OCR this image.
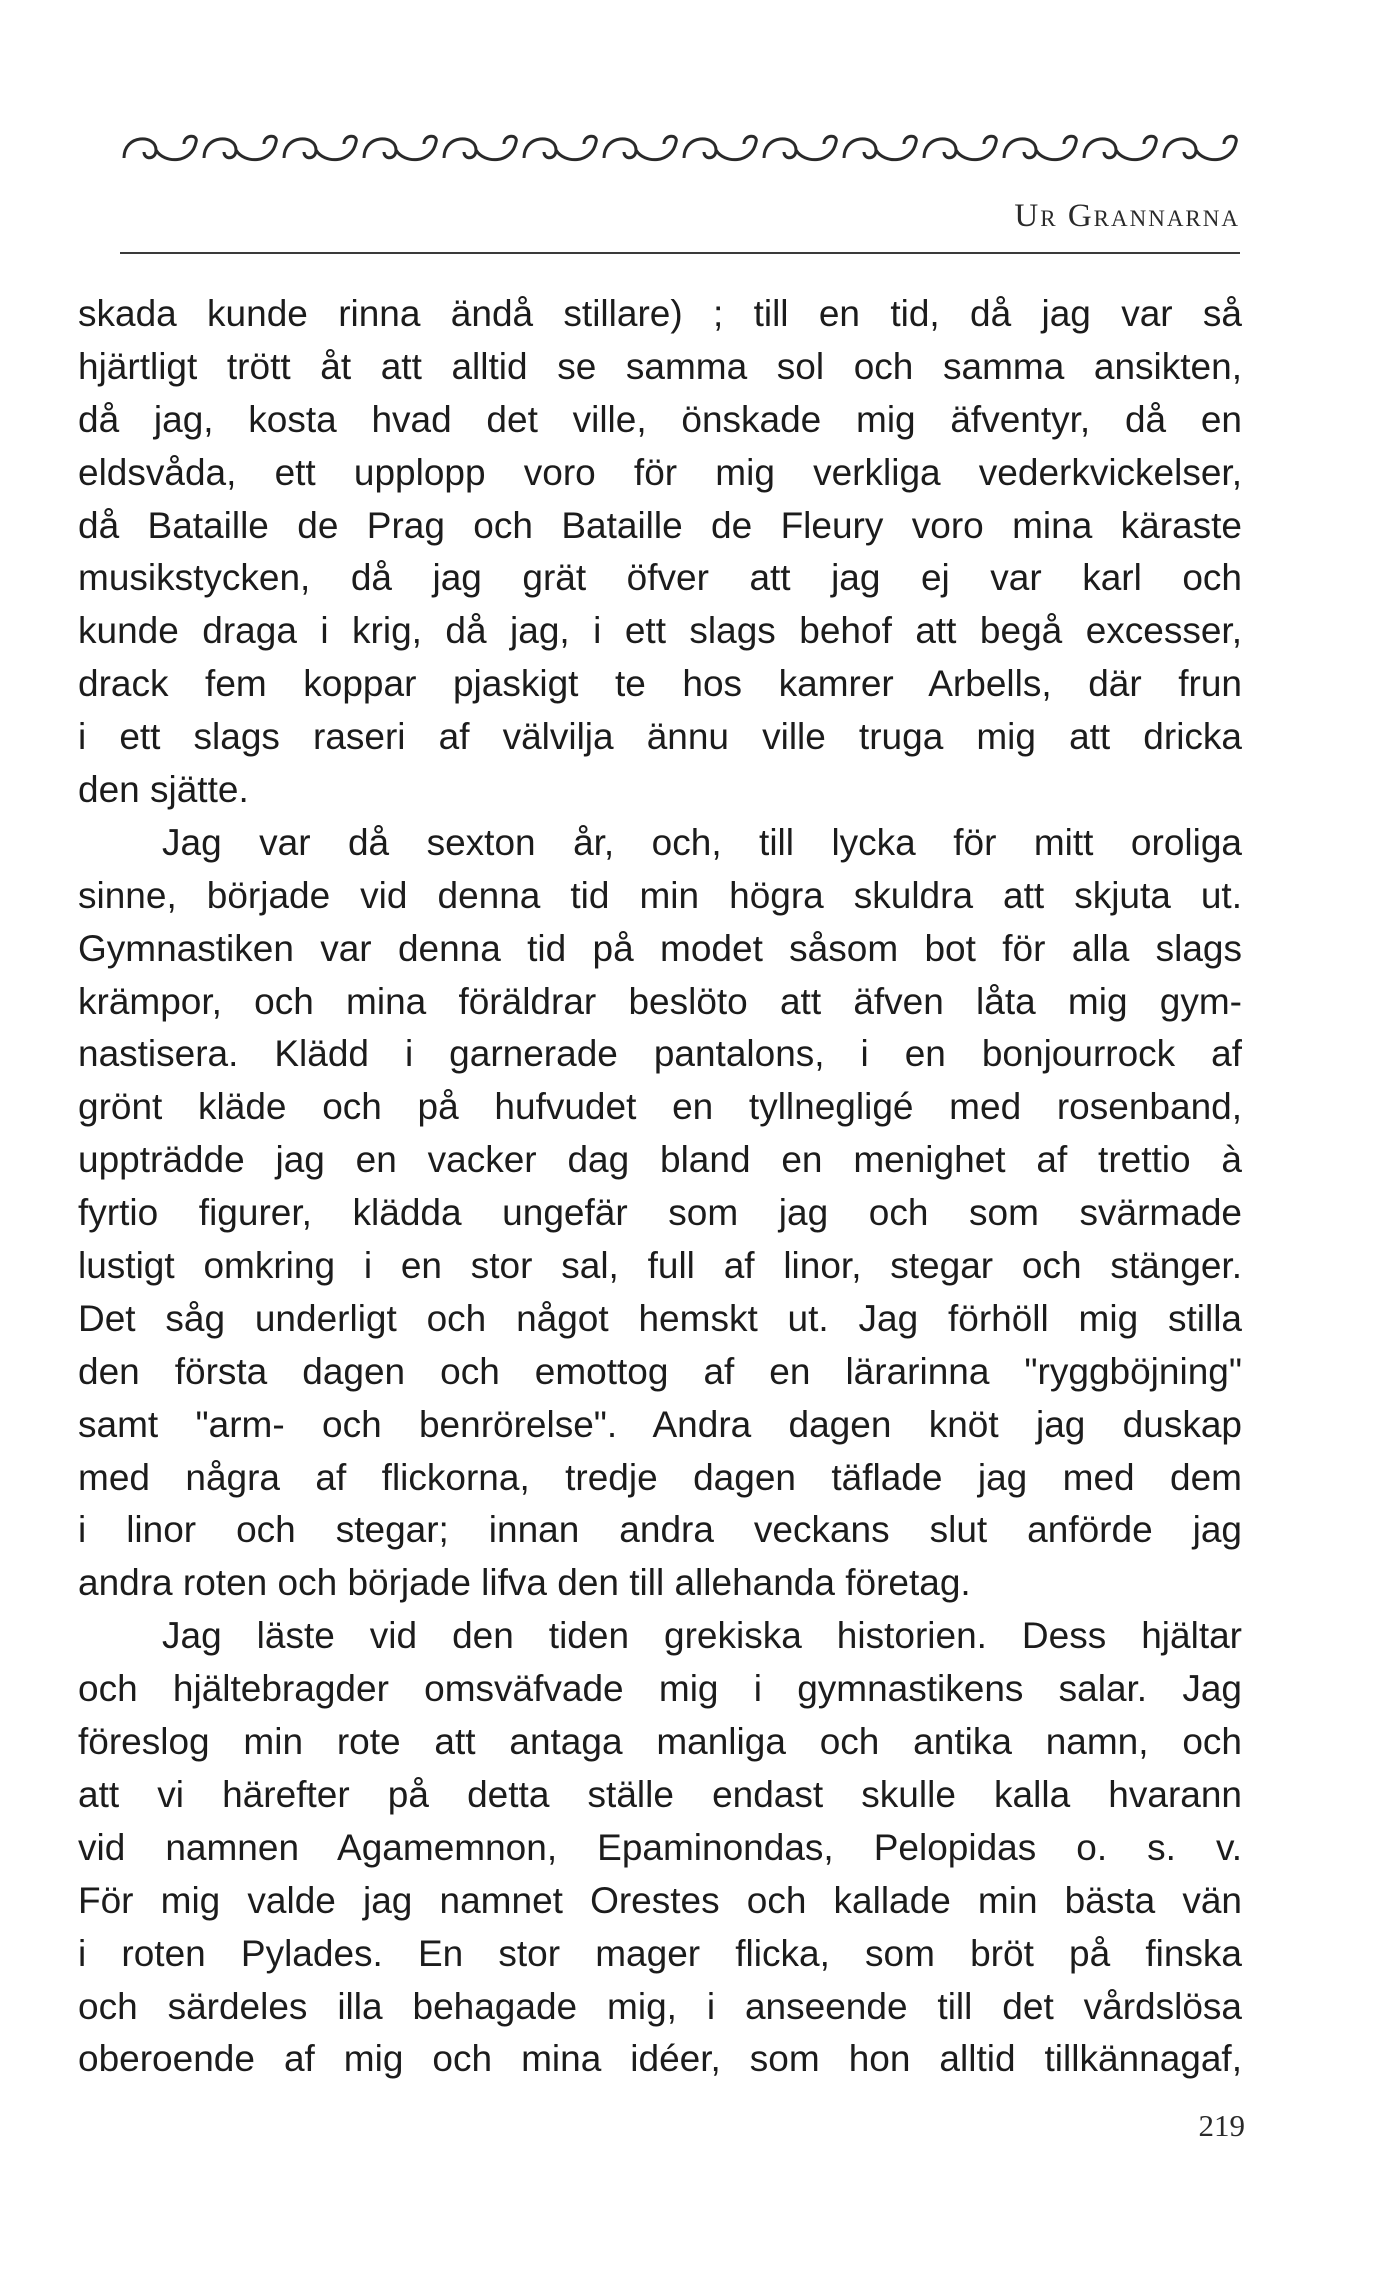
Ur Grannarna
skada kunde rinna ändå stillare) ; till en tid, då jag var så
hjärtligt trött åt att alltid se samma sol och samma ansikten,
då jag, kosta hvad det ville, önskade mig äfventyr, då en
eldsvåda, ett upplopp voro för mig verkliga vederkvickelser,
då Bataille de Prag och Bataille de Fleury voro mina käraste
musikstycken, då jag grät öfver att jag ej var karl och
kunde draga i krig, då jag, i ett slags behof att begå excesser,
drack fem koppar pjaskigt te hos kamrer Arbells, där frun
i ett slags raseri af välvilja ännu ville truga mig att dricka
den sjätte.
Jag var då sexton år, och, till lycka för mitt oroliga
sinne, började vid denna tid min högra skuldra att skjuta ut.
Gymnastiken var denna tid på modet såsom bot för alla slags
krämpor, och mina föräldrar beslöto att äfven låta mig gym-
nastisera. Klädd i garnerade pantalons, i en bonjourrock af
grönt kläde och på hufvudet en tyllnegligé med rosenband,
uppträdde jag en vacker dag bland en menighet af trettio à
fyrtio figurer, klädda ungefär som jag och som svärmade
lustigt omkring i en stor sal, full af linor, stegar och stänger.
Det såg underligt och något hemskt ut. Jag förhöll mig stilla
den första dagen och emottog af en lärarinna "ryggböjning"
samt "arm- och benrörelse". Andra dagen knöt jag duskap
med några af flickorna, tredje dagen täflade jag med dem
i linor och stegar; innan andra veckans slut anförde jag
andra roten och började lifva den till allehanda företag.
Jag läste vid den tiden grekiska historien. Dess hjältar
och hjältebragder omsväfvade mig i gymnastikens salar. Jag
föreslog min rote att antaga manliga och antika namn, och
att vi härefter på detta ställe endast skulle kalla hvarann
vid namnen Agamemnon, Epaminondas, Pelopidas o. s. v.
För mig valde jag namnet Orestes och kallade min bästa vän
i roten Pylades. En stor mager flicka, som bröt på finska
och särdeles illa behagade mig, i anseende till det vårdslösa
oberoende af mig och mina idéer, som hon alltid tillkännagaf,
219
